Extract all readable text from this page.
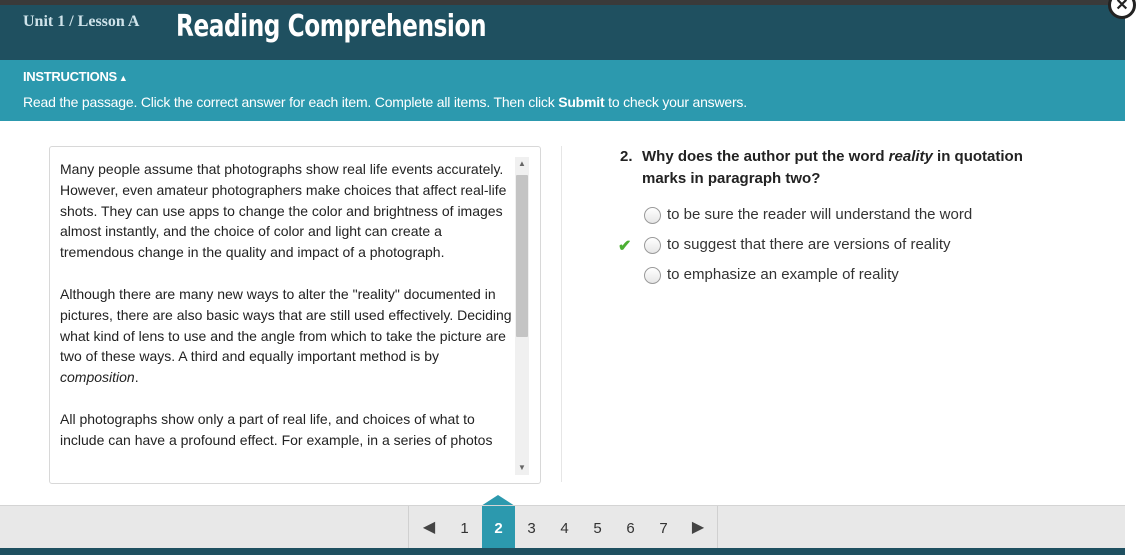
Unit 1 / Lesson A Reading Comprehension
✕
INSTRUCTIONS ▲
Read the passage. Click the correct answer for each item. Complete all items. Then click Submit to check your answers.

Many people assume that photographs show real life events accurately. However, even amateur photographers make choices that affect real-life shots. They can use apps to change the color and brightness of images almost instantly, and the choice of color and light can create a tremendous change in the quality and impact of a photograph.

Although there are many new ways to alter the "reality" documented in pictures, there are also basic ways that are still used effectively. Deciding what kind of lens to use and the angle from which to take the picture are two of these ways. A third and equally important method is by composition.

All photographs show only a part of real life, and choices of what to include can have a profound effect. For example, in a series of photos

▲
▼
2. Why does the author put the word reality in quotation marks in paragraph two?
to be sure the reader will understand the word
✔ to suggest that there are versions of reality
to emphasize an example of reality
◀	1	2	3	4	5	6	7	▶
